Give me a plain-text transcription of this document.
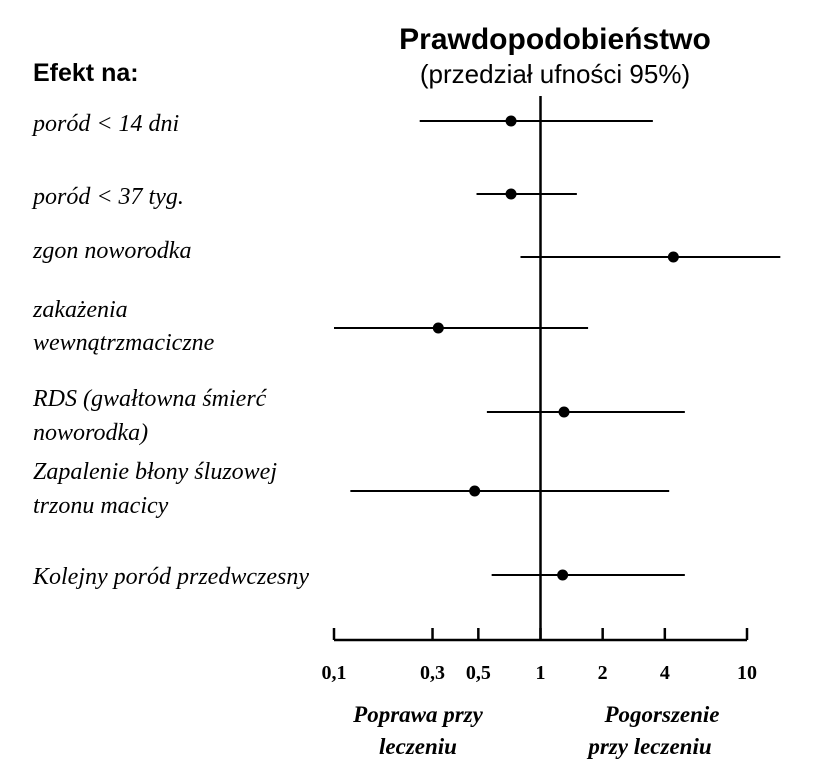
Prawdopodobieństwo
(przedział ufności 95%)
Efekt na:
poród < 14 dni
poród < 37 tyg.
zgon noworodka
zakażenia
wewnątrzmaciczne
RDS (gwałtowna śmierć
noworodka)
Zapalenie błony śluzowej
trzonu macicy
Kolejny poród przedwczesny
0,1	0,3 0,5 1	2	4	10
Poprawa przy
leczeniu
Pogorszenie
przy leczeniu
